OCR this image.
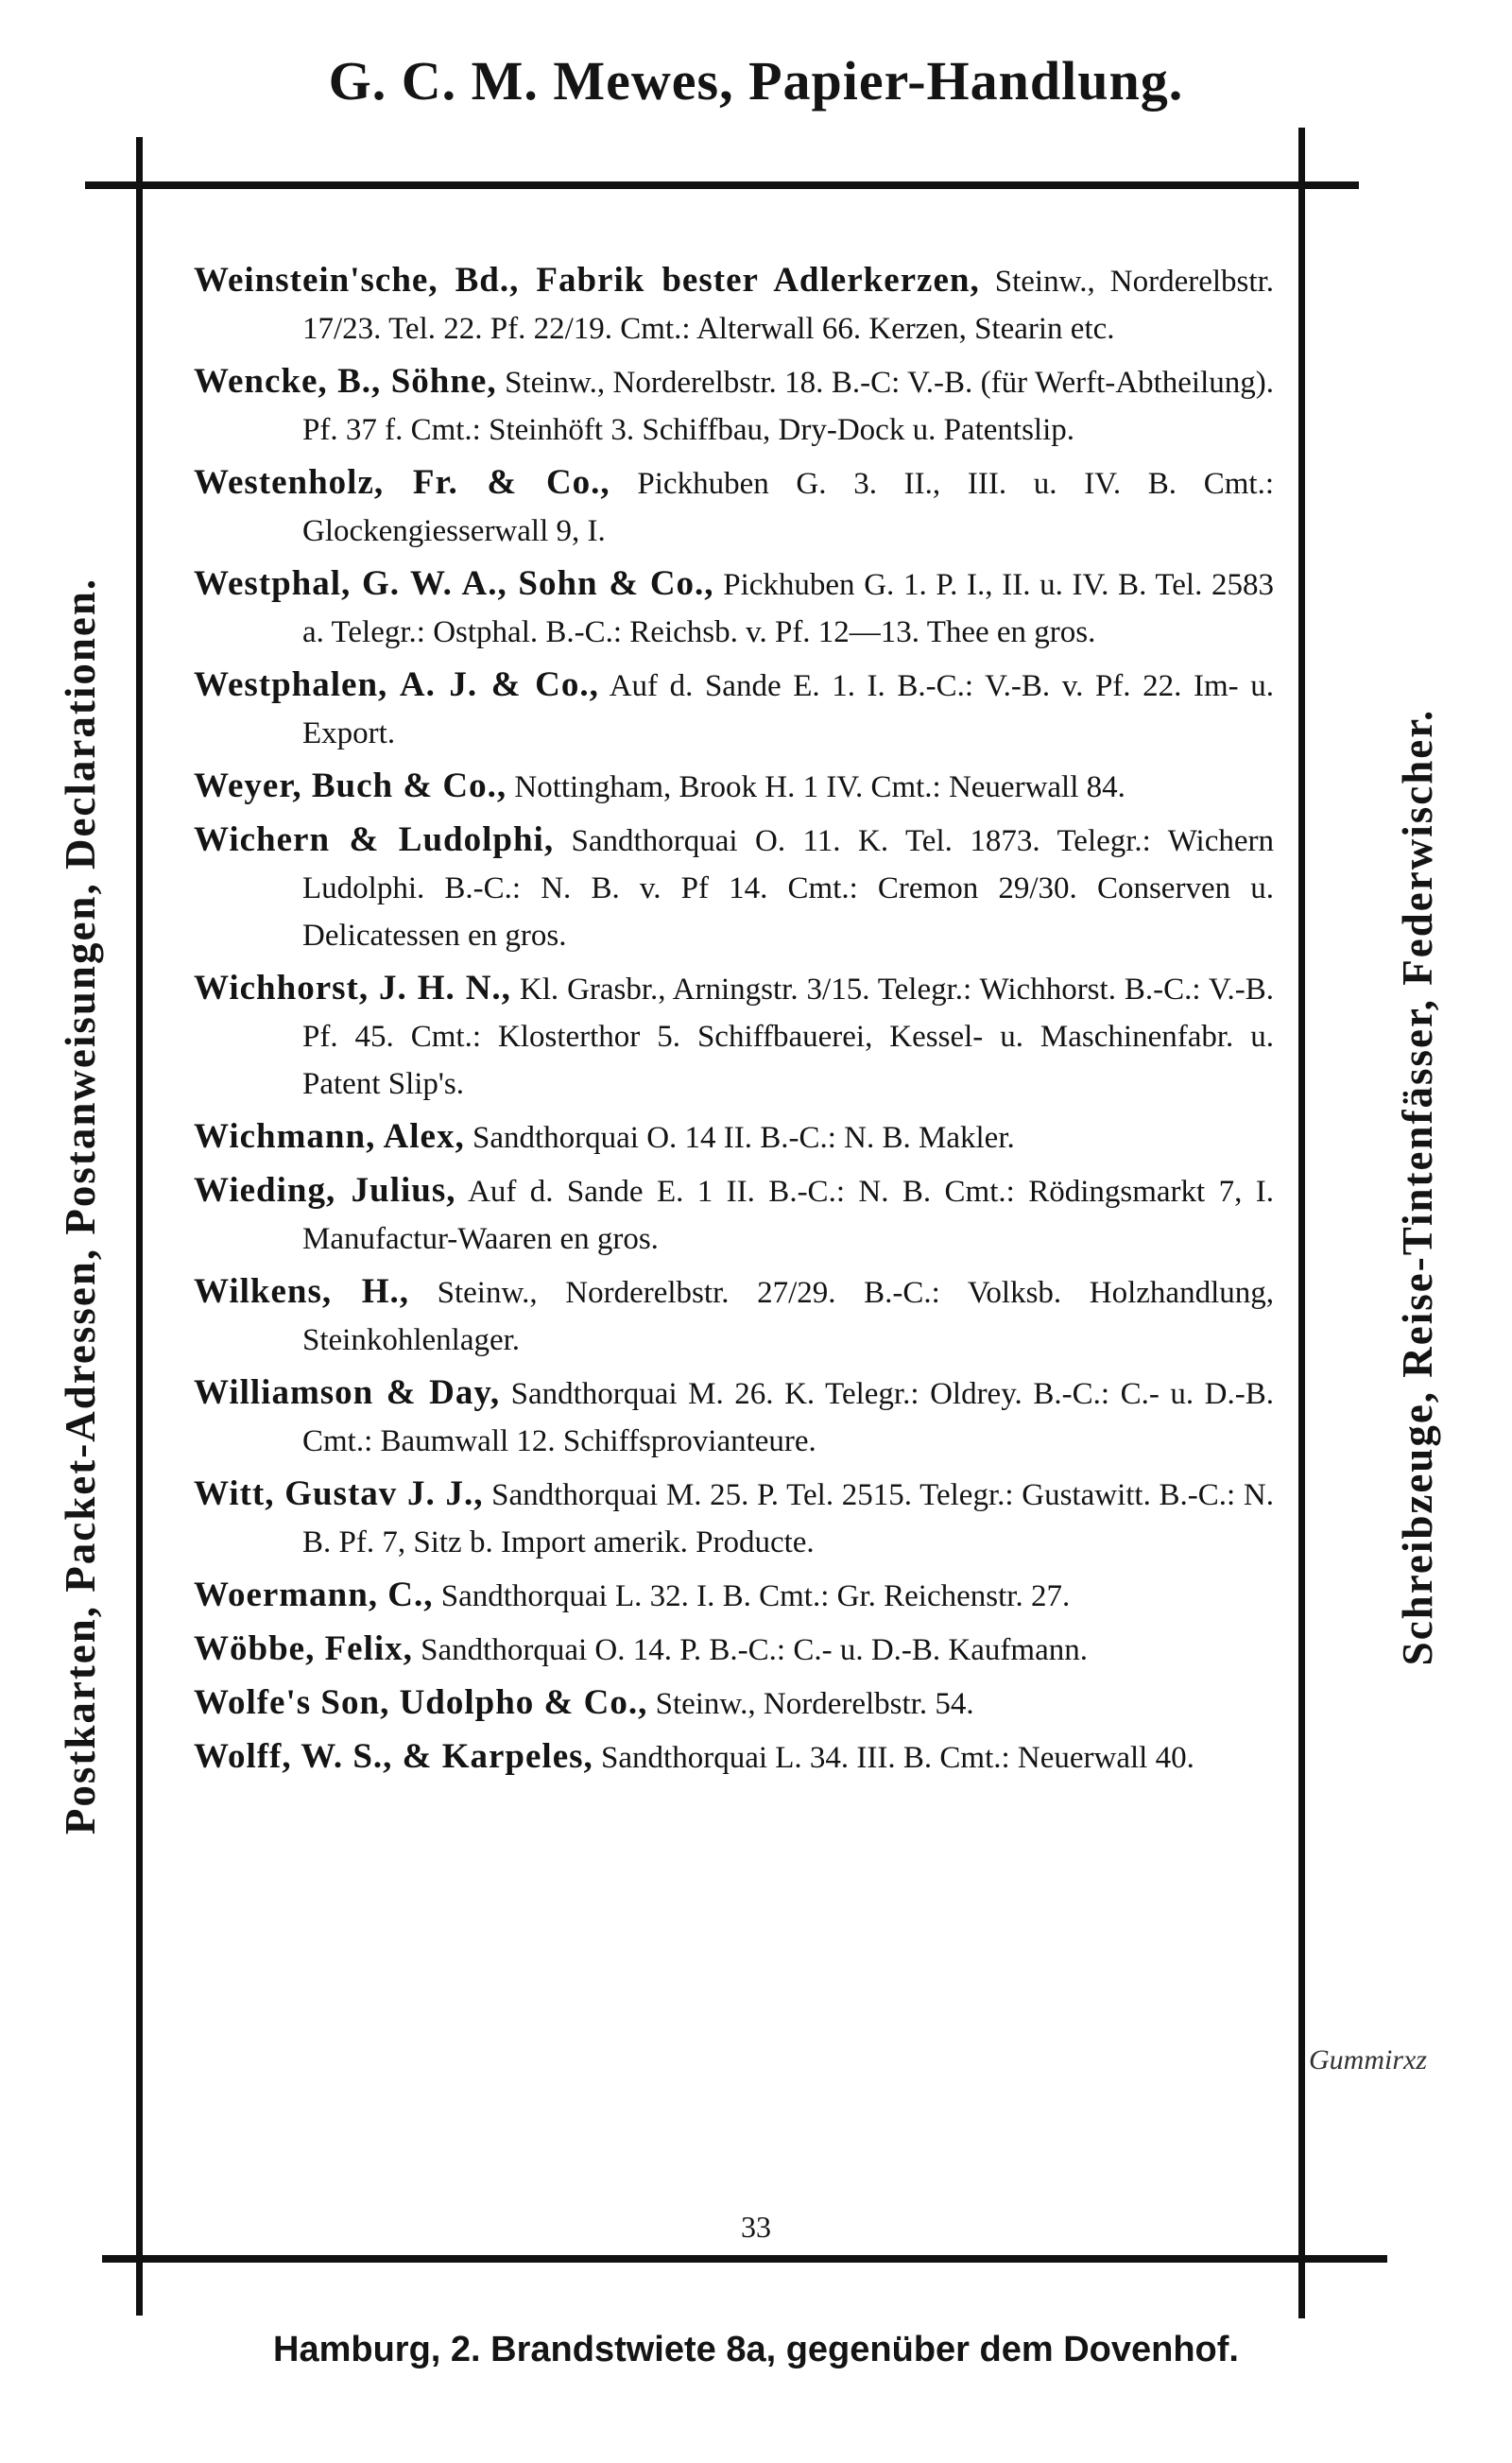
G. C. M. Mewes, Papier-Handlung.
Postkarten, Packet-Adressen, Postanweisungen, Declarationen.	Schreibzeuge, Reise-Tintenfässer, Federwischer.
Weinstein'sche, Bd., Fabrik bester Adlerkerzen, Steinw., Norderelbstr. 17/23. Tel. 22. Pf. 22/19. Cmt.: Alterwall 66. Kerzen, Stearin etc.
Wencke, B., Söhne, Steinw., Norderelbstr. 18. B.-C: V.-B. (für Werft-Abtheilung). Pf. 37 f. Cmt.: Steinhöft 3. Schiffbau, Dry-Dock u. Patentslip.
Westenholz, Fr. & Co., Pickhuben G. 3. II., III. u. IV. B. Cmt.: Glockengiesserwall 9, I.
Westphal, G. W. A., Sohn & Co., Pickhuben G. 1. P. I., II. u. IV. B. Tel. 2583 a. Telegr.: Ostphal. B.-C.: Reichsb. v. Pf. 12—13. Thee en gros.
Westphalen, A. J. & Co., Auf d. Sande E. 1. I. B.-C.: V.-B. v. Pf. 22. Im- u. Export.
Weyer, Buch & Co., Nottingham, Brook H. 1 IV. Cmt.: Neuerwall 84.
Wichern & Ludolphi, Sandthorquai O. 11. K. Tel. 1873. Telegr.: Wichern Ludolphi. B.-C.: N. B. v. Pf 14. Cmt.: Cremon 29/30. Conserven u. Delicatessen en gros.
Wichhorst, J. H. N., Kl. Grasbr., Arningstr. 3/15. Telegr.: Wichhorst. B.-C.: V.-B. Pf. 45. Cmt.: Klosterthor 5. Schiffbauerei, Kessel- u. Maschinenfabr. u. Patent Slip's.
Wichmann, Alex, Sandthorquai O. 14 II. B.-C.: N. B. Makler.
Wieding, Julius, Auf d. Sande E. 1 II. B.-C.: N. B. Cmt.: Rödingsmarkt 7, I. Manufactur-Waaren en gros.
Wilkens, H., Steinw., Norderelbstr. 27/29. B.-C.: Volksb. Holzhandlung, Steinkohlenlager.
Williamson & Day, Sandthorquai M. 26. K. Telegr.: Oldrey. B.-C.: C.- u. D.-B. Cmt.: Baumwall 12. Schiffsprovianteure.
Witt, Gustav J. J., Sandthorquai M. 25. P. Tel. 2515. Telegr.: Gustawitt. B.-C.: N. B. Pf. 7, Sitz b. Import amerik. Producte.
Woermann, C., Sandthorquai L. 32. I. B. Cmt.: Gr. Reichenstr. 27.
Wöbbe, Felix, Sandthorquai O. 14. P. B.-C.: C.- u. D.-B. Kaufmann.
Wolfe's Son, Udolpho & Co., Steinw., Norderelbstr. 54.
Wolff, W. S., & Karpeles, Sandthorquai L. 34. III. B. Cmt.: Neuerwall 40.
33
Hamburg, 2. Brandstwiete 8a, gegenüber dem Dovenhof.
Gummirxz
